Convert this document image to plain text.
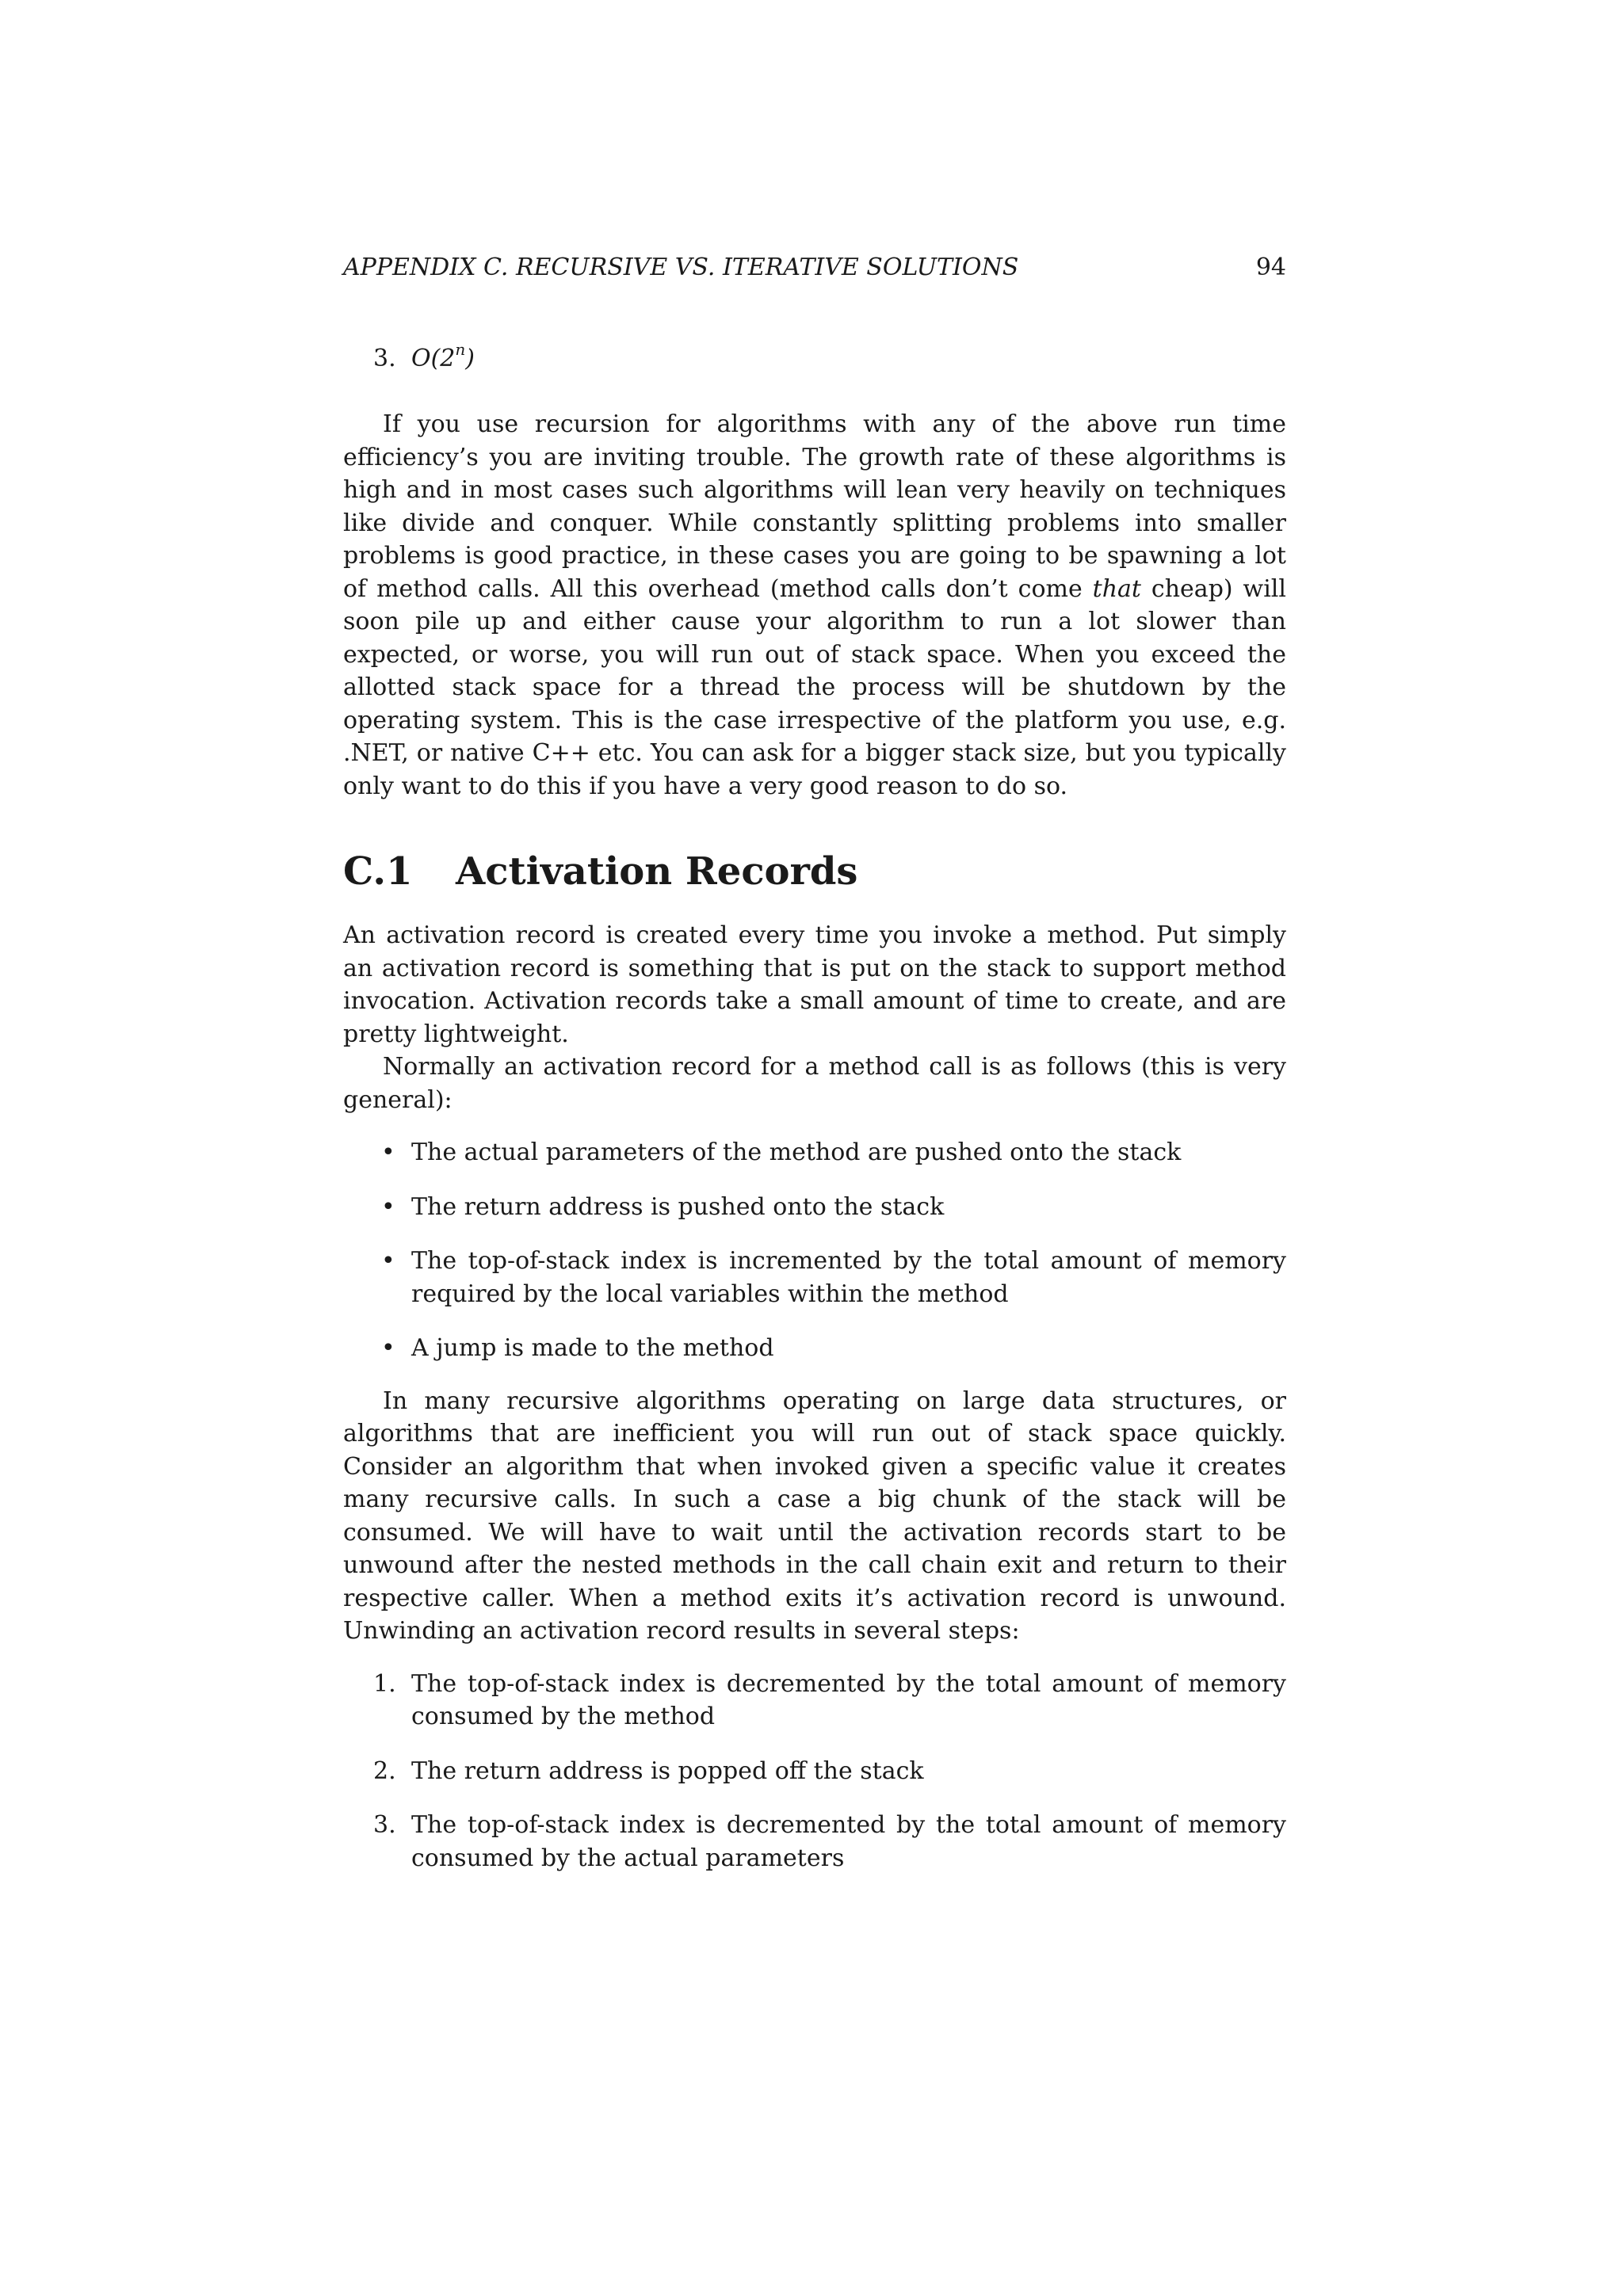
APPENDIX C. RECURSIVE VS. ITERATIVE SOLUTIONS	94
3. O(2$^n$)

If you use recursion for algorithms with any of the above run time efficiency’s you are inviting trouble. The growth rate of these algorithms is high and in most cases such algorithms will lean very heavily on techniques like divide and conquer. While constantly splitting problems into smaller problems is good practice, in these cases you are going to be spawning a lot of method calls. All this overhead (method calls don’t come that cheap) will soon pile up and either cause your algorithm to run a lot slower than expected, or worse, you will run out of stack space. When you exceed the allotted stack space for a thread the process will be shutdown by the operating system. This is the case irrespective of the platform you use, e.g. .NET, or native C++ etc. You can ask for a bigger stack size, but you typically only want to do this if you have a very good reason to do so.

C.1 Activation Records

An activation record is created every time you invoke a method. Put simply an activation record is something that is put on the stack to support method invocation. Activation records take a small amount of time to create, and are pretty lightweight.

Normally an activation record for a method call is as follows (this is very general):

• The actual parameters of the method are pushed onto the stack
• The return address is pushed onto the stack
• The top-of-stack index is incremented by the total amount of memory required by the local variables within the method
• A jump is made to the method

In many recursive algorithms operating on large data structures, or algorithms that are inefficient you will run out of stack space quickly. Consider an algorithm that when invoked given a specific value it creates many recursive calls. In such a case a big chunk of the stack will be consumed. We will have to wait until the activation records start to be unwound after the nested methods in the call chain exit and return to their respective caller. When a method exits it’s activation record is unwound. Unwinding an activation record results in several steps:

1. The top-of-stack index is decremented by the total amount of memory consumed by the method
2. The return address is popped off the stack
3. The top-of-stack index is decremented by the total amount of memory consumed by the actual parameters
